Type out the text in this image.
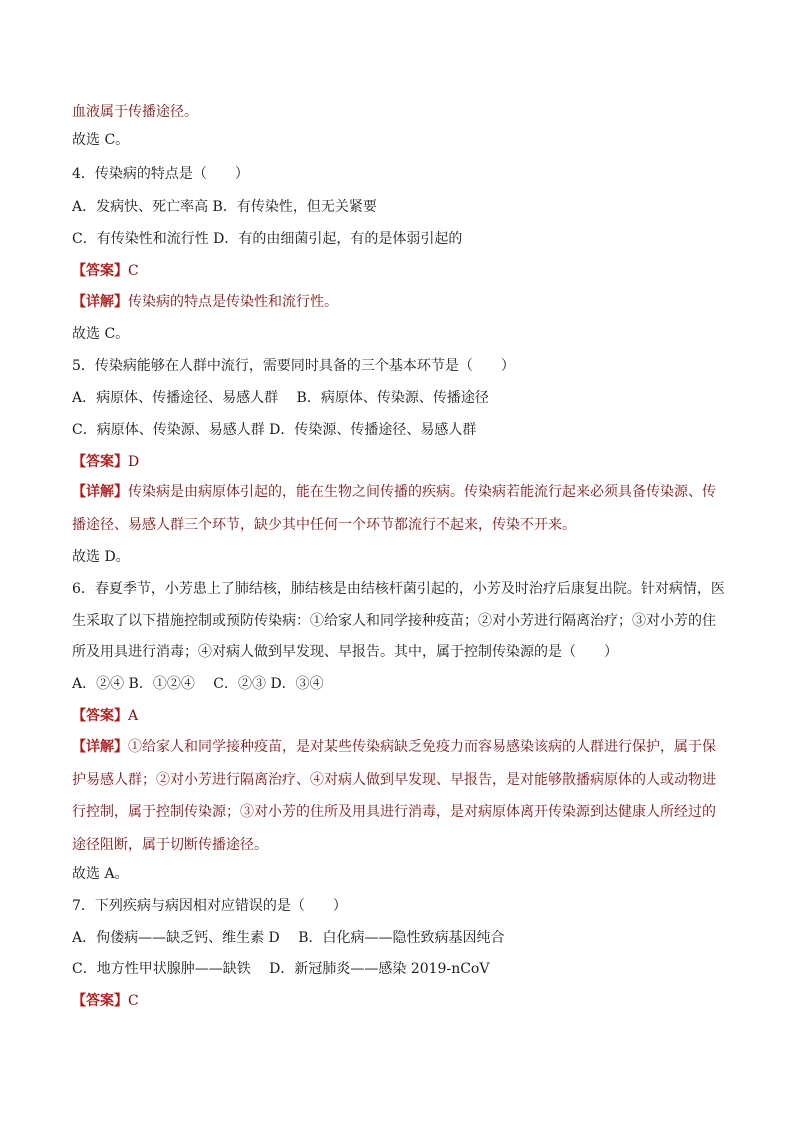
血液属于传播途径。
故选 C。
4．传染病的特点是（　　）
A．发病快、死亡率高 B．有传染性，但无关紧要
C．有传染性和流行性 D．有的由细菌引起，有的是体弱引起的
【答案】C
【详解】传染病的特点是传染性和流行性。
故选 C。
5．传染病能够在人群中流行，需要同时具备的三个基本环节是（　　）
A．病原体、传播途径、易感人群　 B．病原体、传染源、传播途径
C．病原体、传染源、易感人群 D．传染源、传播途径、易感人群
【答案】D
【详解】传染病是由病原体引起的，能在生物之间传播的疾病。传染病若能流行起来必须具备传染源、传
播途径、易感人群三个环节，缺少其中任何一个环节都流行不起来，传染不开来。
故选 D。
6．春夏季节，小芳患上了肺结核，肺结核是由结核杆菌引起的，小芳及时治疗后康复出院。针对病情，医
生采取了以下措施控制或预防传染病：①给家人和同学接种疫苗；②对小芳进行隔离治疗；③对小芳的住
所及用具进行消毒；④对病人做到早发现、早报告。其中，属于控制传染源的是（　　）
A．②④ B．①②④　 C．②③ D．③④
【答案】A
【详解】①给家人和同学接种疫苗，是对某些传染病缺乏免疫力而容易感染该病的人群进行保护，属于保
护易感人群；②对小芳进行隔离治疗、④对病人做到早发现、早报告，是对能够散播病原体的人或动物进
行控制，属于控制传染源；③对小芳的住所及用具进行消毒，是对病原体离开传染源到达健康人所经过的
途径阻断，属于切断传播途径。
故选 A。
7．下列疾病与病因相对应错误的是（　　）
A．佝偻病——缺乏钙、维生素 D　 B．白化病——隐性致病基因纯合
C．地方性甲状腺肿——缺铁　 D．新冠肺炎——感染 2019-nCoV
【答案】C
